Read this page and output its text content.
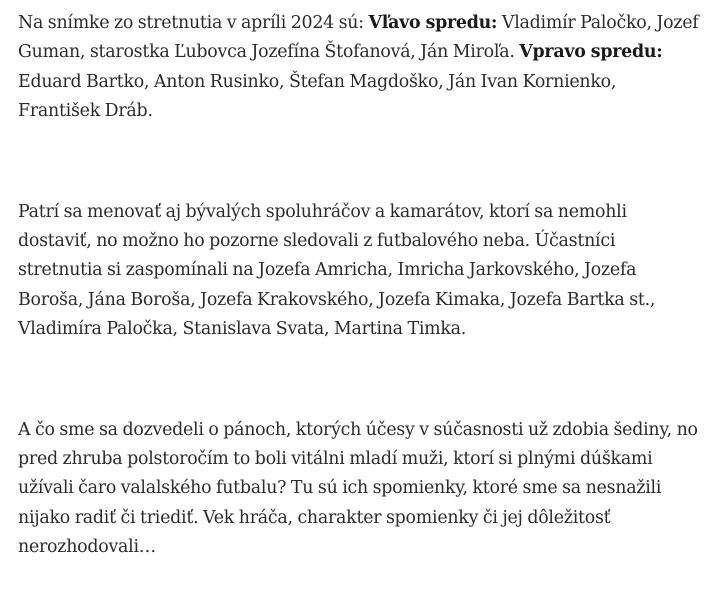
Na snímke zo stretnutia v apríli 2024 sú: Vľavo spredu: Vladimír Paločko, Jozef Guman, starostka Ľubovca Jozefína Štofanová, Ján Miroľa. Vpravo spredu: Eduard Bartko, Anton Rusinko, Štefan Magdoško, Ján Ivan Kornienko, František Dráb.

Patrí sa menovať aj bývalých spoluhráčov a kamarátov, ktorí sa nemohli dostaviť, no možno ho pozorne sledovali z futbalového neba. Účastníci stretnutia si zaspomínali na Jozefa Amricha, Imricha Jarkovského, Jozefa Boroša, Jána Boroša, Jozefa Krakovského, Jozefa Kimaka, Jozefa Bartka st., Vladimíra Paločka, Stanislava Svata, Martina Timka.

A čo sme sa dozvedeli o pánoch, ktorých účesy v súčasnosti už zdobia šediny, no pred zhruba polstoročím to boli vitálni mladí muži, ktorí si plnými dúškami užívali čaro valalského futbalu? Tu sú ich spomienky, ktoré sme sa nesnažili nijako radiť či triediť. Vek hráča, charakter spomienky či jej dôležitosť nerozhodovali…
